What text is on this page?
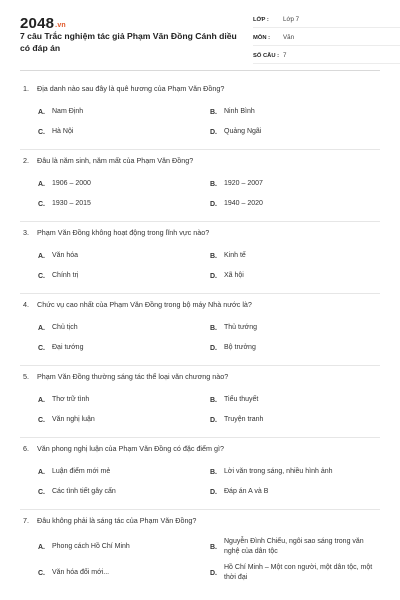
2048.vn
7 câu Trắc nghiệm tác giả Phạm Văn Đồng Cánh diều có đáp án
LỚP :	Lớp 7
MÔN :	Văn
SỐ CÂU : 7
1.	Địa danh nào sau đây là quê hương của Phạm Văn Đồng?
A.	Nam Định	B.	Ninh Bình
C.	Hà Nội	D.	Quảng Ngãi
2.	Đâu là năm sinh, năm mất của Phạm Văn Đồng?
A.	1906 – 2000	B.	1920 – 2007
C.	1930 – 2015	D.	1940 – 2020
3.	Phạm Văn Đồng không hoạt động trong lĩnh vực nào?
A.	Văn hóa	B.	Kinh tế
C.	Chính trị	D.	Xã hội
4.	Chức vụ cao nhất của Phạm Văn Đồng trong bộ máy Nhà nước là?
A.	Chủ tịch	B.	Thủ tướng
C.	Đại tướng	D.	Bộ trưởng
5.	Phạm Văn Đồng thường sáng tác thể loại văn chương nào?
A.	Thơ trữ tình	B.	Tiểu thuyết
C.	Văn nghị luận	D.	Truyện tranh
6.	Văn phong nghị luận của Phạm Văn Đồng có đặc điểm gì?
A.	Luận điểm mới mẻ	B.	Lời văn trong sáng, nhiều hình ảnh
C.	Các tình tiết gây cấn	D.	Đáp án A và B
7.	Đâu không phải là sáng tác của Phạm Văn Đồng?
A.	Phong cách Hồ Chí Minh	B.
Nguyễn Đình Chiểu, ngôi sao sáng trong văn nghệ của dân tộc
C.	Văn hóa đổi mới...	D.
Hồ Chí Minh – Một con người, một dân tộc, một thời đại
